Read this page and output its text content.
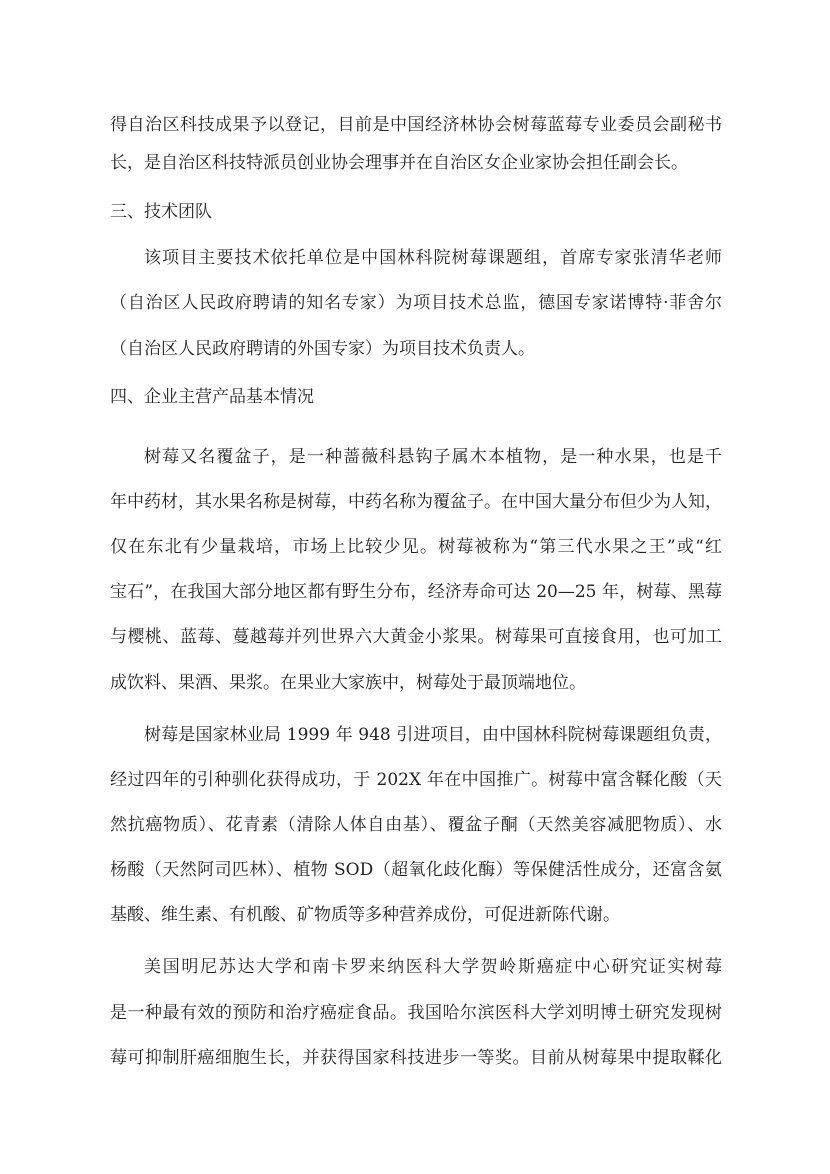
得自治区科技成果予以登记，目前是中国经济林协会树莓蓝莓专业委员会副秘书
长，是自治区科技特派员创业协会理事并在自治区女企业家协会担任副会长。
三、技术团队
该项目主要技术依托单位是中国林科院树莓课题组，首席专家张清华老师
（自治区人民政府聘请的知名专家）为项目技术总监，德国专家诺博特·菲舍尔
（自治区人民政府聘请的外国专家）为项目技术负责人。
四、企业主营产品基本情况
树莓又名覆盆子，是一种蔷薇科悬钩子属木本植物，是一种水果，也是千
年中药材，其水果名称是树莓，中药名称为覆盆子。在中国大量分布但少为人知，
仅在东北有少量栽培，市场上比较少见。树莓被称为“第三代水果之王”或“红
宝石”，在我国大部分地区都有野生分布，经济寿命可达 20—25 年，树莓、黑莓
与樱桃、蓝莓、蔓越莓并列世界六大黄金小浆果。树莓果可直接食用，也可加工
成饮料、果酒、果浆。在果业大家族中，树莓处于最顶端地位。
树莓是国家林业局 1999 年 948 引进项目，由中国林科院树莓课题组负责，
经过四年的引种驯化获得成功，于 202X 年在中国推广。树莓中富含鞣化酸（天
然抗癌物质）、花青素（清除人体自由基）、覆盆子酮（天然美容减肥物质）、水
杨酸（天然阿司匹林）、植物 SOD（超氧化歧化酶）等保健活性成分，还富含氨
基酸、维生素、有机酸、矿物质等多种营养成份，可促进新陈代谢。
美国明尼苏达大学和南卡罗来纳医科大学贺岭斯癌症中心研究证实树莓
是一种最有效的预防和治疗癌症食品。我国哈尔滨医科大学刘明博士研究发现树
莓可抑制肝癌细胞生长，并获得国家科技进步一等奖。目前从树莓果中提取鞣化
